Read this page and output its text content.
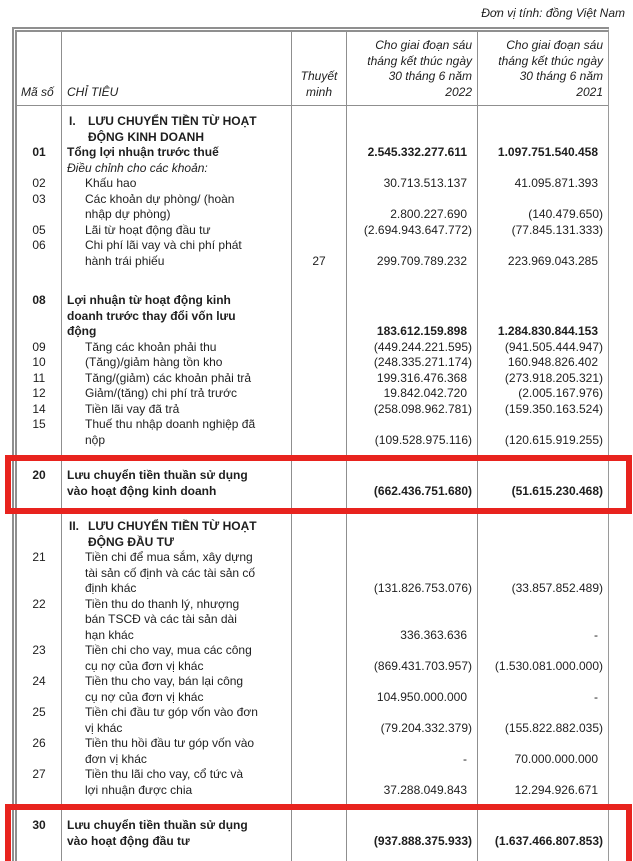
Đơn vị tính: đồng Việt Nam
Mã số CHỈ TIÊU
Thuyết
minh
Cho giai đoạn sáu
tháng kết thúc ngày
30 tháng 6 năm
2022
Cho giai đoạn sáu
tháng kết thúc ngày
30 tháng 6 năm
2021
I.	LƯU CHUYỂN TIỀN TỪ HOẠT
ĐỘNG KINH DOANH
01 Tổng lợi nhuận trước thuế	2.545.332.277.611	1.097.751.540.458
Điều chỉnh cho các khoản:
02	Khấu hao	30.713.513.137	41.095.871.393
03	Các khoản dự phòng/ (hoàn
nhập dự phòng)	2.800.227.690	(140.479.650)
05	Lãi từ hoạt động đầu tư	(2.694.943.647.772)	(77.845.131.333)
06	Chi phí lãi vay và chi phí phát
hành trái phiếu	27	299.709.789.232	223.969.043.285
08 Lợi nhuận từ hoạt động kinh
doanh trước thay đổi vốn lưu
động	183.612.159.898	1.284.830.844.153
09	Tăng các khoản phải thu	(449.244.221.595)	(941.505.444.947)
10	(Tăng)/giảm hàng tồn kho	(248.335.271.174)	160.948.826.402
11	Tăng/(giảm) các khoản phải trả	199.316.476.368	(273.918.205.321)
12	Giảm/(tăng) chi phí trả trước	19.842.042.720	(2.005.167.976)
14	Tiền lãi vay đã trả	(258.098.962.781)	(159.350.163.524)
15	Thuế thu nhập doanh nghiệp đã
nộp	(109.528.975.116)	(120.615.919.255)
20 Lưu chuyển tiền thuần sử dụng
vào hoạt động kinh doanh	(662.436.751.680)	(51.615.230.468)
II. LƯU CHUYỂN TIỀN TỪ HOẠT
ĐỘNG ĐẦU TƯ
21	Tiền chi để mua sắm, xây dựng
tài sản cố định và các tài sản cố
định khác	(131.826.753.076)	(33.857.852.489)
22	Tiền thu do thanh lý, nhượng
bán TSCĐ và các tài sản dài
hạn khác	336.363.636	-
23	Tiền chi cho vay, mua các công
cụ nợ của đơn vị khác	(869.431.703.957) (1.530.081.000.000)
24	Tiền thu cho vay, bán lại công
cụ nợ của đơn vị khác	104.950.000.000	-
25	Tiền chi đầu tư góp vốn vào đơn
vị khác	(79.204.332.379)	(155.822.882.035)
26	Tiền thu hồi đầu tư góp vốn vào
đơn vị khác	-	70.000.000.000
27	Tiền thu lãi cho vay, cổ tức và
lợi nhuận được chia	37.288.049.843	12.294.926.671
30 Lưu chuyển tiền thuần sử dụng
vào hoạt động đầu tư	(937.888.375.933) (1.637.466.807.853)
